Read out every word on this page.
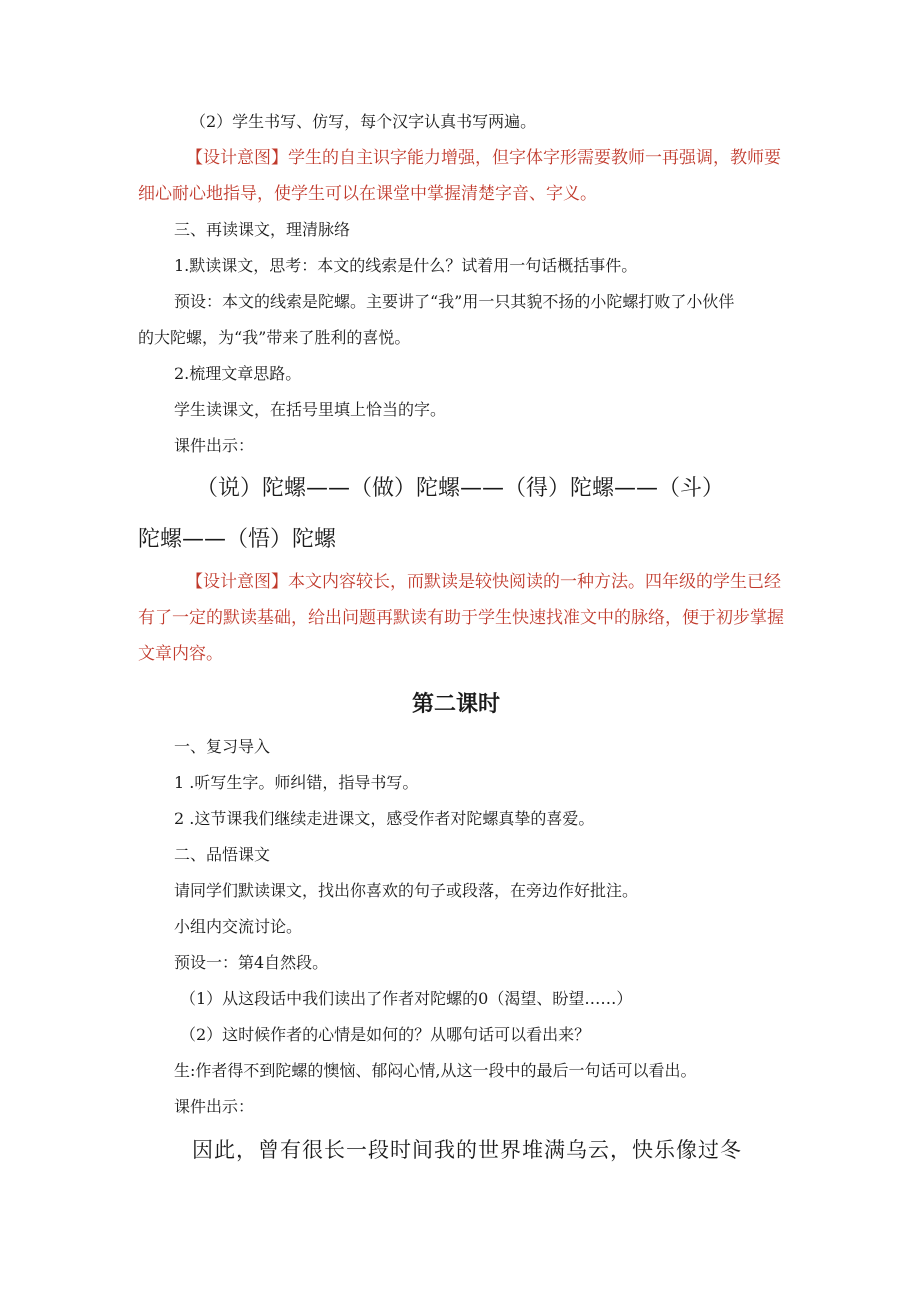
（2）学生书写、仿写，每个汉字认真书写两遍。
【设计意图】学生的自主识字能力增强，但字体字形需要教师一再强调，教师要
细心耐心地指导，使学生可以在课堂中掌握清楚字音、字义。
三、再读课文，理清脉络
1.默读课文，思考：本文的线索是什么？试着用一句话概括事件。
预设：本文的线索是陀螺。主要讲了“我”用一只其貌不扬的小陀螺打败了小伙伴
的大陀螺，为“我”带来了胜利的喜悦。
2.梳理文章思路。
学生读课文，在括号里填上恰当的字。
课件出示：
（说）陀螺——（做）陀螺——（得）陀螺——（斗）
陀螺——（悟）陀螺
【设计意图】本文内容较长，而默读是较快阅读的一种方法。四年级的学生已经
有了一定的默读基础，给出问题再默读有助于学生快速找准文中的脉络，便于初步掌握
文章内容。
第二课时
一、复习导入
1 .听写生字。师纠错，指导书写。
2 .这节课我们继续走进课文，感受作者对陀螺真挚的喜爱。
二、品悟课文
请同学们默读课文，找出你喜欢的句子或段落，在旁边作好批注。
小组内交流讨论。
预设一：第4自然段。
（1）从这段话中我们读出了作者对陀螺的0（渴望、盼望……）
（2）这时候作者的心情是如何的？从哪句话可以看出来？
生:作者得不到陀螺的懊恼、郁闷心情,从这一段中的最后一句话可以看出。
课件出示：
因此，曾有很长一段时间我的世界堆满乌云，快乐像过冬
